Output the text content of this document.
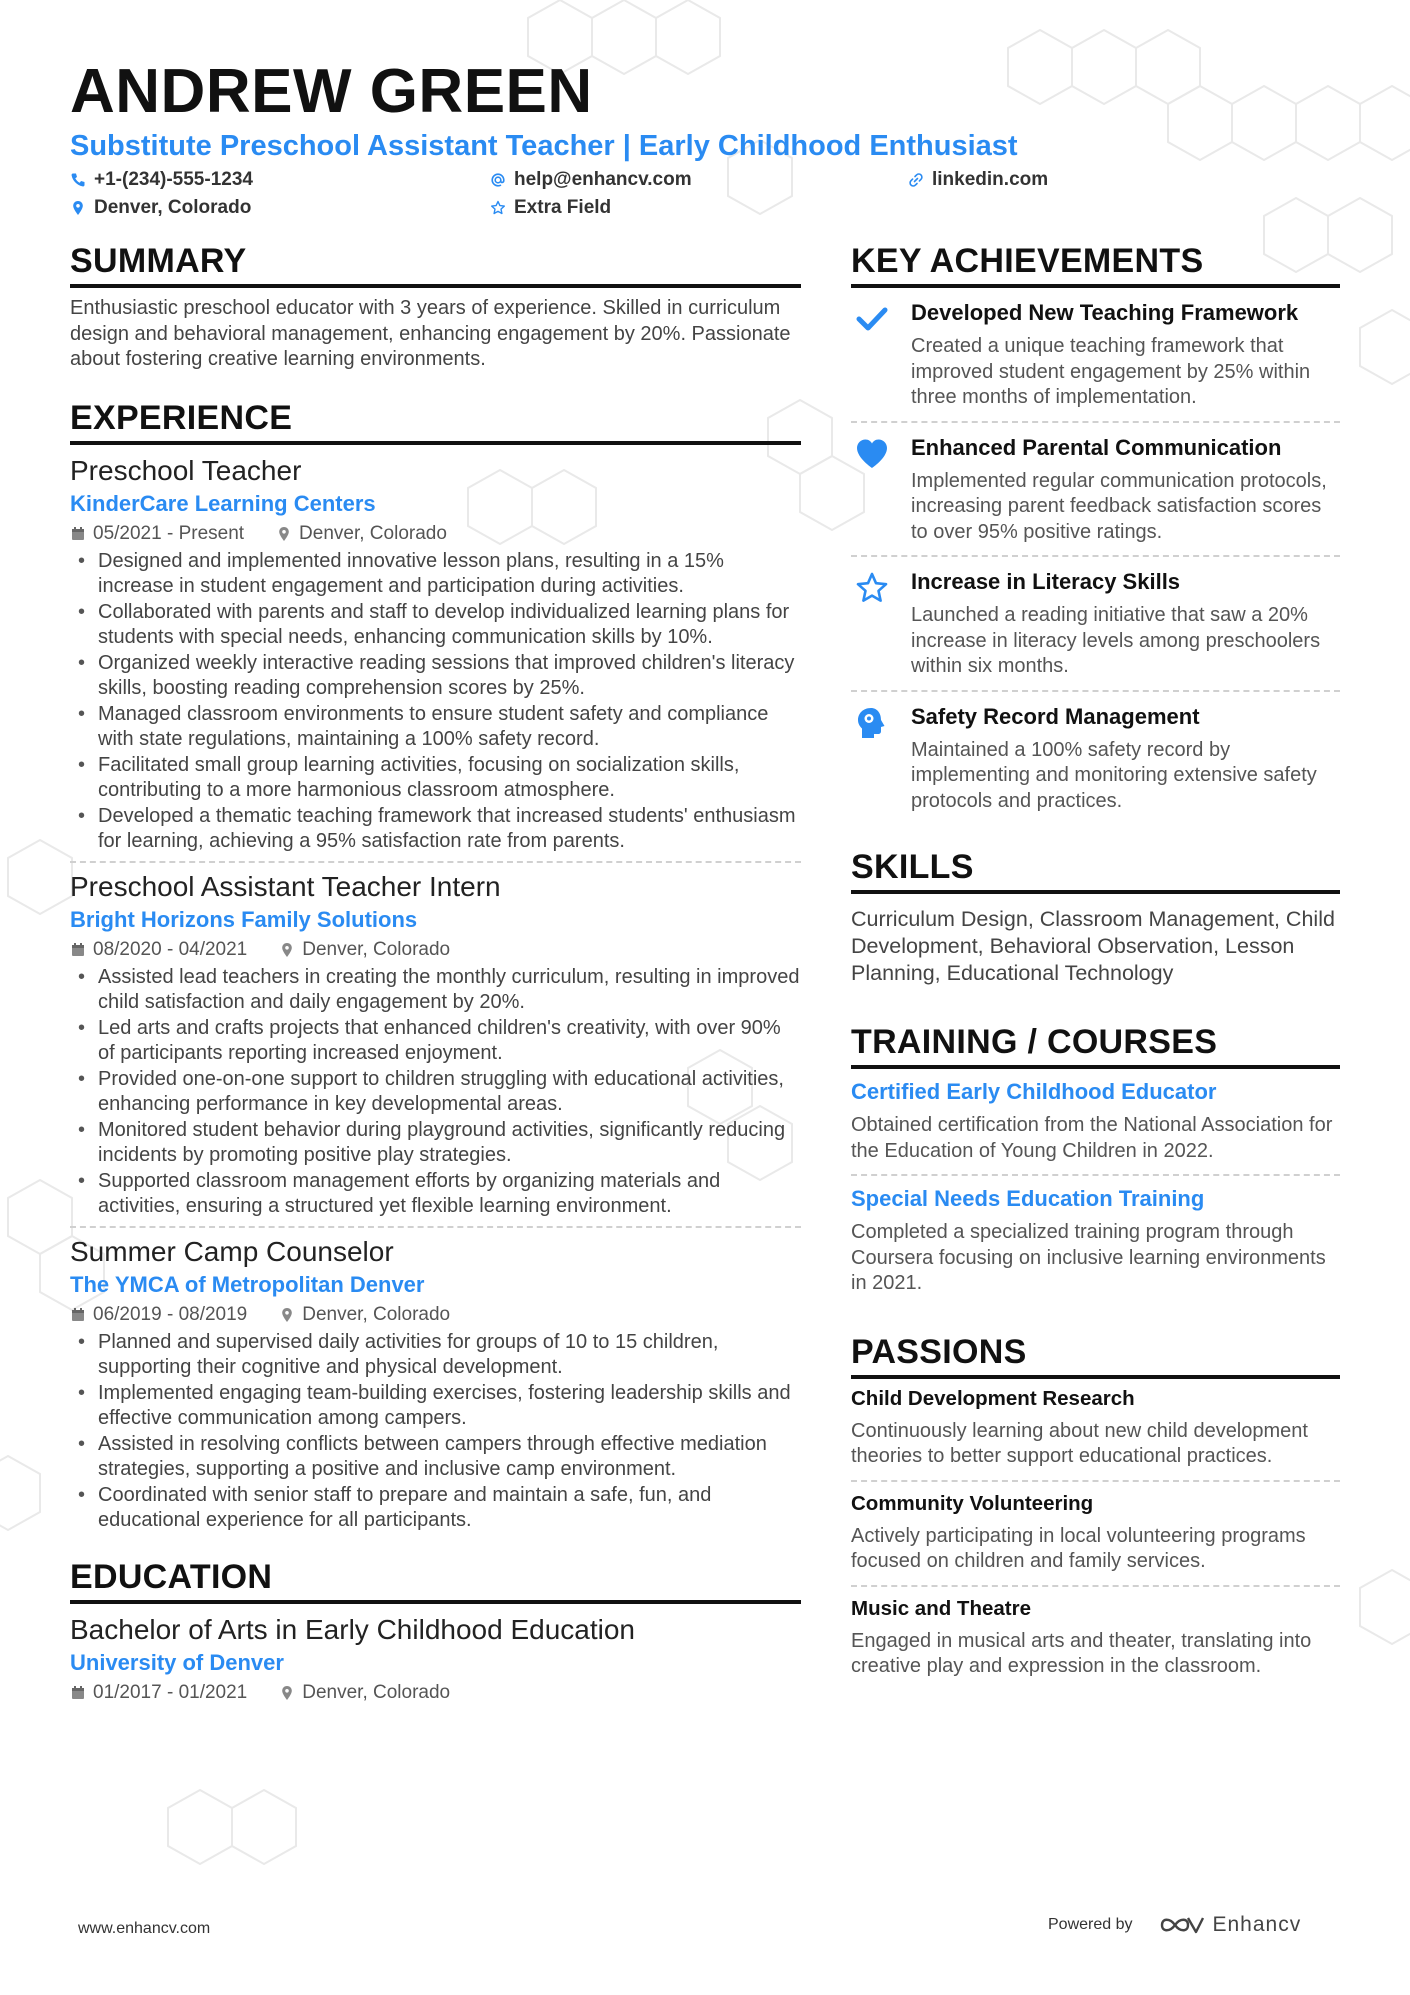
ANDREW GREEN
Substitute Preschool Assistant Teacher | Early Childhood Enthusiast
+1-(234)-555-1234	help@enhancv.com	linkedin.com
Denver, Colorado	Extra Field
SUMMARY
Enthusiastic preschool educator with 3 years of experience. Skilled in curriculum design and behavioral management, enhancing engagement by 20%. Passionate about fostering creative learning environments.
EXPERIENCE
Preschool Teacher
KinderCare Learning Centers
05/2021 - Present	Denver, Colorado
• Designed and implemented innovative lesson plans, resulting in a 15% increase in student engagement and participation during activities.
• Collaborated with parents and staff to develop individualized learning plans for students with special needs, enhancing communication skills by 10%.
• Organized weekly interactive reading sessions that improved children's literacy skills, boosting reading comprehension scores by 25%.
• Managed classroom environments to ensure student safety and compliance with state regulations, maintaining a 100% safety record.
• Facilitated small group learning activities, focusing on socialization skills, contributing to a more harmonious classroom atmosphere.
• Developed a thematic teaching framework that increased students' enthusiasm for learning, achieving a 95% satisfaction rate from parents.
Preschool Assistant Teacher Intern
Bright Horizons Family Solutions
08/2020 - 04/2021	Denver, Colorado
• Assisted lead teachers in creating the monthly curriculum, resulting in improved child satisfaction and daily engagement by 20%.
• Led arts and crafts projects that enhanced children's creativity, with over 90% of participants reporting increased enjoyment.
• Provided one-on-one support to children struggling with educational activities, enhancing performance in key developmental areas.
• Monitored student behavior during playground activities, significantly reducing incidents by promoting positive play strategies.
• Supported classroom management efforts by organizing materials and activities, ensuring a structured yet flexible learning environment.
Summer Camp Counselor
The YMCA of Metropolitan Denver
06/2019 - 08/2019	Denver, Colorado
• Planned and supervised daily activities for groups of 10 to 15 children, supporting their cognitive and physical development.
• Implemented engaging team-building exercises, fostering leadership skills and effective communication among campers.
• Assisted in resolving conflicts between campers through effective mediation strategies, supporting a positive and inclusive camp environment.
• Coordinated with senior staff to prepare and maintain a safe, fun, and educational experience for all participants.
EDUCATION
Bachelor of Arts in Early Childhood Education
University of Denver
01/2017 - 01/2021	Denver, Colorado
KEY ACHIEVEMENTS
Developed New Teaching Framework
Created a unique teaching framework that improved student engagement by 25% within three months of implementation.
Enhanced Parental Communication
Implemented regular communication protocols, increasing parent feedback satisfaction scores to over 95% positive ratings.
Increase in Literacy Skills
Launched a reading initiative that saw a 20% increase in literacy levels among preschoolers within six months.
Safety Record Management
Maintained a 100% safety record by implementing and monitoring extensive safety protocols and practices.
SKILLS
Curriculum Design, Classroom Management, Child Development, Behavioral Observation, Lesson Planning, Educational Technology
TRAINING / COURSES
Certified Early Childhood Educator
Obtained certification from the National Association for the Education of Young Children in 2022.
Special Needs Education Training
Completed a specialized training program through Coursera focusing on inclusive learning environments in 2021.
PASSIONS
Child Development Research
Continuously learning about new child development theories to better support educational practices.
Community Volunteering
Actively participating in local volunteering programs focused on children and family services.
Music and Theatre
Engaged in musical arts and theater, translating into creative play and expression in the classroom.
www.enhancv.com	Powered by	Enhancv
